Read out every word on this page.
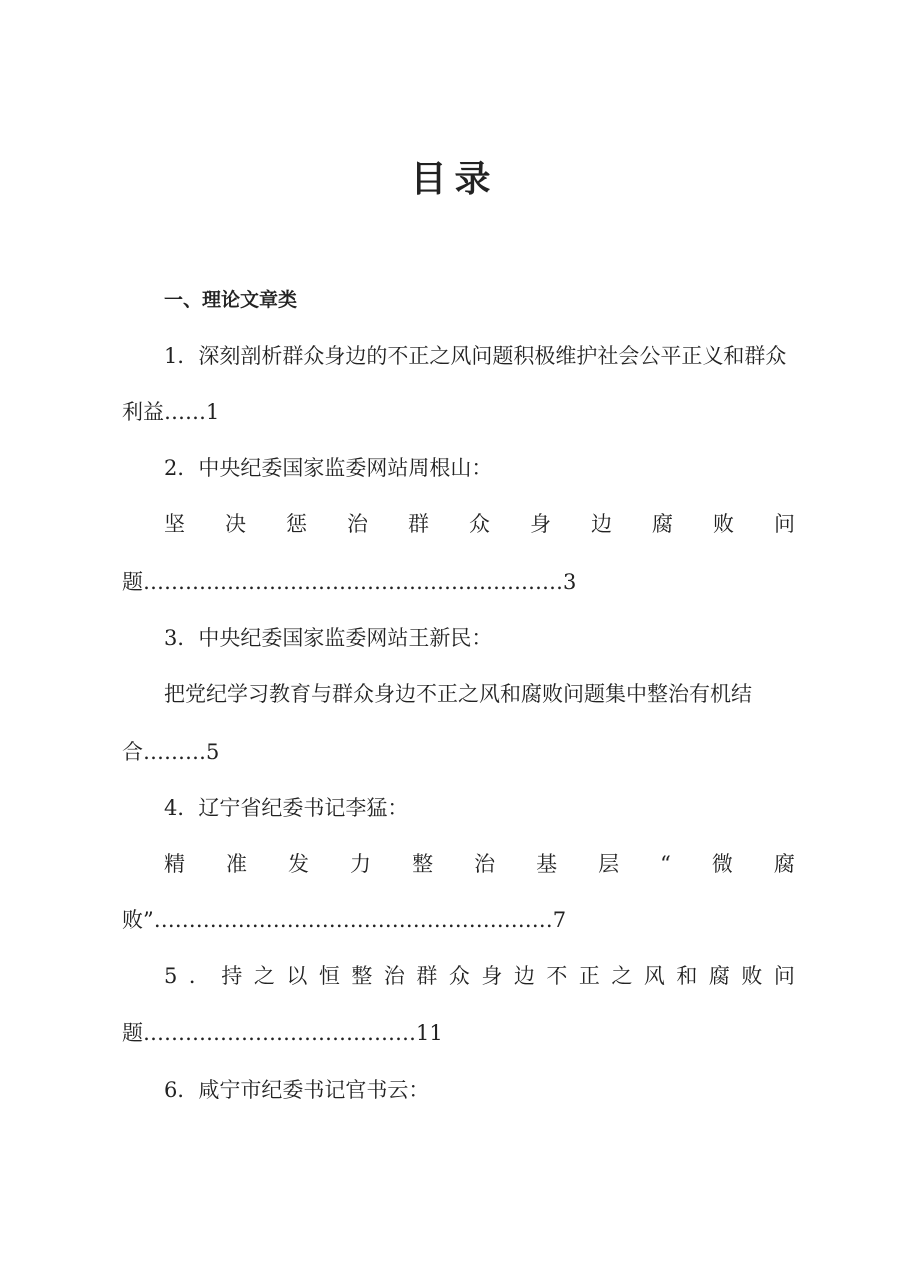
目录

一、理论文章类

1．深刻剖析群众身边的不正之风问题积极维护社会公平正义和群众

利益……1

2．中央纪委国家监委网站周根山：

坚 决 惩 治 群 众 身 边 腐 败 问

题……………………………………………………3

3．中央纪委国家监委网站王新民：

把党纪学习教育与群众身边不正之风和腐败问题集中整治有机结

合………5

4．辽宁省纪委书记李猛：

精 准 发 力 整 治 基 层 “ 微 腐

败”…………………………………………………7

5 ． 持 之 以 恒 整 治 群 众 身 边 不 正 之 风 和 腐 败 问

题…………………………………11

6．咸宁市纪委书记官书云：
